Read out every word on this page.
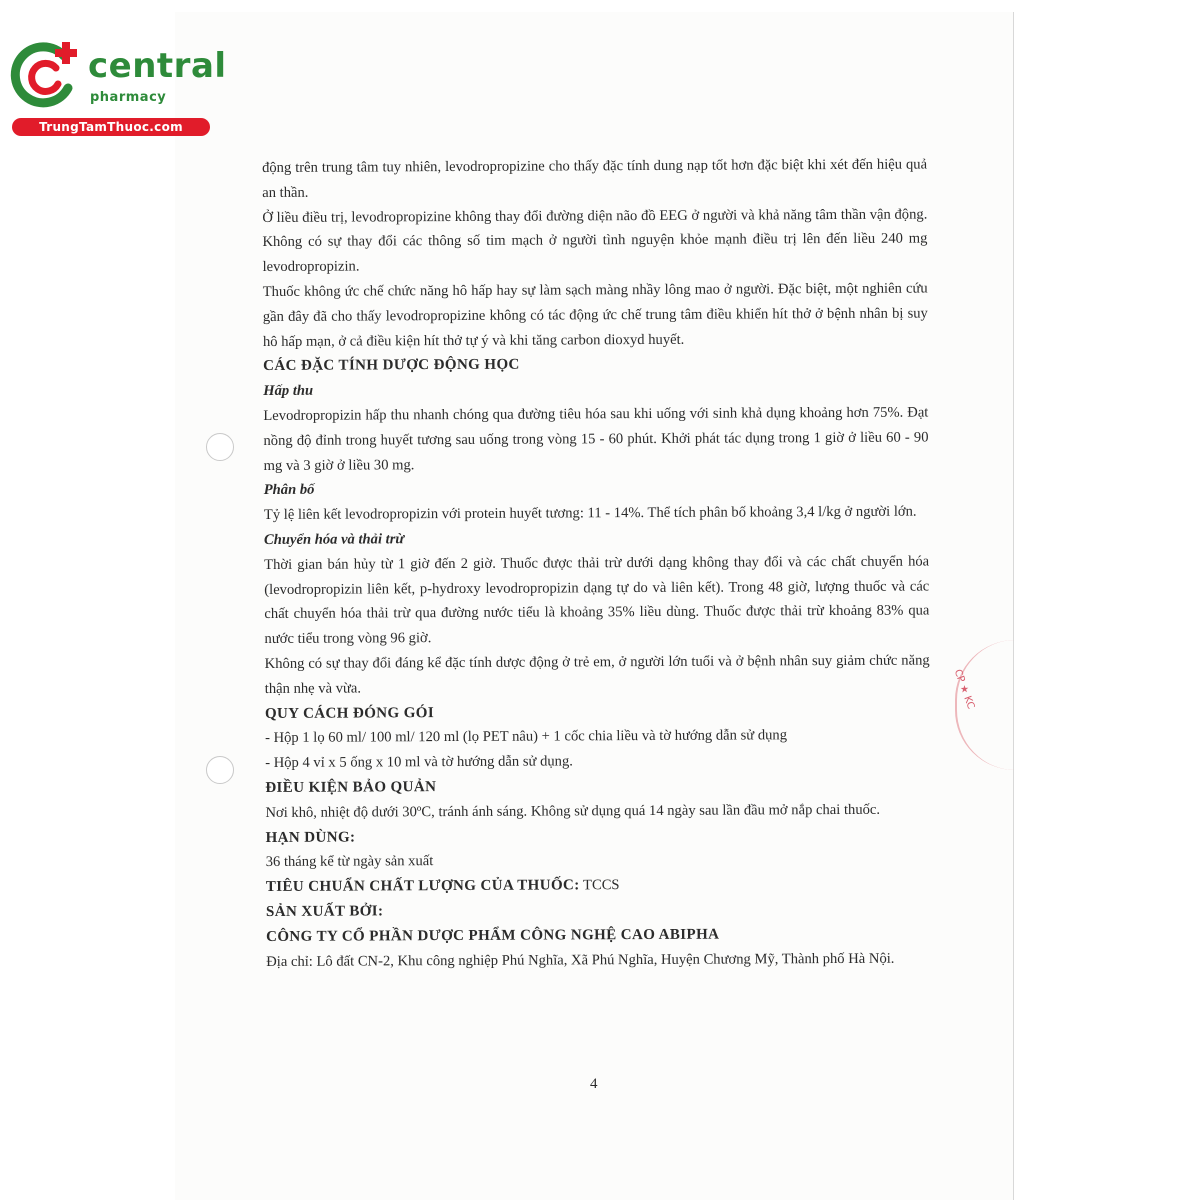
central
pharmacy
TrungTamThuoc.com

động trên trung tâm tuy nhiên, levodropropizine cho thấy đặc tính dung nạp tốt hơn đặc biệt khi xét đến hiệu quả an thần.

Ở liều điều trị, levodropropizine không thay đổi đường diện não đồ EEG ở người và khả năng tâm thần vận động. Không có sự thay đổi các thông số tim mạch ở người tình nguyện khỏe mạnh điều trị lên đến liều 240 mg levodropropizin.

Thuốc không ức chế chức năng hô hấp hay sự làm sạch màng nhầy lông mao ở người. Đặc biệt, một nghiên cứu gần đây đã cho thấy levodropropizine không có tác động ức chế trung tâm điều khiển hít thở ở bệnh nhân bị suy hô hấp mạn, ở cả điều kiện hít thở tự ý và khi tăng carbon dioxyd huyết.

CÁC ĐẶC TÍNH DƯỢC ĐỘNG HỌC

Hấp thu

Levodropropizin hấp thu nhanh chóng qua đường tiêu hóa sau khi uống với sinh khả dụng khoảng hơn 75%. Đạt nồng độ đỉnh trong huyết tương sau uống trong vòng 15 - 60 phút. Khởi phát tác dụng trong 1 giờ ở liều 60 - 90 mg và 3 giờ ở liều 30 mg.

Phân bố

Tỷ lệ liên kết levodropropizin với protein huyết tương: 11 - 14%. Thể tích phân bố khoảng 3,4 l/kg ở người lớn.

Chuyển hóa và thải trừ

Thời gian bán hủy từ 1 giờ đến 2 giờ. Thuốc được thải trừ dưới dạng không thay đổi và các chất chuyển hóa (levodropropizin liên kết, p-hydroxy levodropropizin dạng tự do và liên kết). Trong 48 giờ, lượng thuốc và các chất chuyển hóa thải trừ qua đường nước tiểu là khoảng 35% liều dùng. Thuốc được thải trừ khoảng 83% qua nước tiểu trong vòng 96 giờ.

Không có sự thay đổi đáng kể đặc tính dược động ở trẻ em, ở người lớn tuổi và ở bệnh nhân suy giảm chức năng thận nhẹ và vừa.

QUY CÁCH ĐÓNG GÓI

- Hộp 1 lọ 60 ml/ 100 ml/ 120 ml (lọ PET nâu) + 1 cốc chia liều và tờ hướng dẫn sử dụng

- Hộp 4 vỉ x 5 ống x 10 ml và tờ hướng dẫn sử dụng.

ĐIỀU KIỆN BẢO QUẢN

Nơi khô, nhiệt độ dưới 30ºC, tránh ánh sáng. Không sử dụng quá 14 ngày sau lần đầu mở nắp chai thuốc.

HẠN DÙNG:

36 tháng kể từ ngày sản xuất

TIÊU CHUẨN CHẤT LƯỢNG CỦA THUỐC: TCCS

SẢN XUẤT BỞI:

CÔNG TY CỔ PHẦN DƯỢC PHẨM CÔNG NGHỆ CAO ABIPHA

Địa chỉ: Lô đất CN-2, Khu công nghiệp Phú Nghĩa, Xã Phú Nghĩa, Huyện Chương Mỹ, Thành phố Hà Nội.

CP ★ KC
4
